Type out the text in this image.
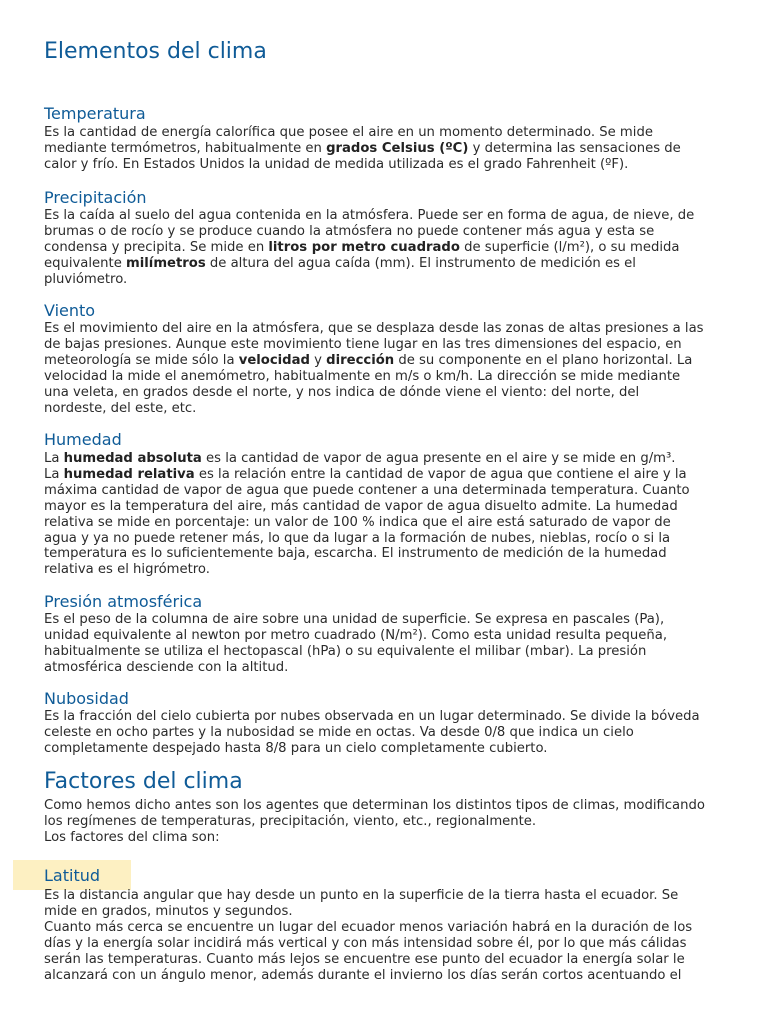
Elementos del clima
Temperatura

Es la cantidad de energía calorífica que posee el aire en un momento determinado. Se mide
mediante termómetros, habitualmente en grados Celsius (ºC) y determina las sensaciones de
calor y frío. En Estados Unidos la unidad de medida utilizada es el grado Fahrenheit (ºF).

Precipitación

Es la caída al suelo del agua contenida en la atmósfera. Puede ser en forma de agua, de nieve, de
brumas o de rocío y se produce cuando la atmósfera no puede contener más agua y esta se
condensa y precipita. Se mide en litros por metro cuadrado de superficie (l/m²), o su medida
equivalente milímetros de altura del agua caída (mm). El instrumento de medición es el
pluviómetro.

Viento

Es el movimiento del aire en la atmósfera, que se desplaza desde las zonas de altas presiones a las
de bajas presiones. Aunque este movimiento tiene lugar en las tres dimensiones del espacio, en
meteorología se mide sólo la velocidad y dirección de su componente en el plano horizontal. La
velocidad la mide el anemómetro, habitualmente en m/s o km/h. La dirección se mide mediante
una veleta, en grados desde el norte, y nos indica de dónde viene el viento: del norte, del
nordeste, del este, etc.

Humedad

La humedad absoluta es la cantidad de vapor de agua presente en el aire y se mide en g/m³.
La humedad relativa es la relación entre la cantidad de vapor de agua que contiene el aire y la
máxima cantidad de vapor de agua que puede contener a una determinada temperatura. Cuanto
mayor es la temperatura del aire, más cantidad de vapor de agua disuelto admite. La humedad
relativa se mide en porcentaje: un valor de 100 % indica que el aire está saturado de vapor de
agua y ya no puede retener más, lo que da lugar a la formación de nubes, nieblas, rocío o si la
temperatura es lo suficientemente baja, escarcha. El instrumento de medición de la humedad
relativa es el higrómetro.

Presión atmosférica

Es el peso de la columna de aire sobre una unidad de superficie. Se expresa en pascales (Pa),
unidad equivalente al newton por metro cuadrado (N/m²). Como esta unidad resulta pequeña,
habitualmente se utiliza el hectopascal (hPa) o su equivalente el milibar (mbar). La presión
atmosférica desciende con la altitud.

Nubosidad

Es la fracción del cielo cubierta por nubes observada en un lugar determinado. Se divide la bóveda
celeste en ocho partes y la nubosidad se mide en octas. Va desde 0/8 que indica un cielo
completamente despejado hasta 8/8 para un cielo completamente cubierto.

Factores del clima

Como hemos dicho antes son los agentes que determinan los distintos tipos de climas, modificando
los regímenes de temperaturas, precipitación, viento, etc., regionalmente.
Los factores del clima son:

Latitud

Es la distancia angular que hay desde un punto en la superficie de la tierra hasta el ecuador. Se
mide en grados, minutos y segundos.
Cuanto más cerca se encuentre un lugar del ecuador menos variación habrá en la duración de los
días y la energía solar incidirá más vertical y con más intensidad sobre él, por lo que más cálidas
serán las temperaturas. Cuanto más lejos se encuentre ese punto del ecuador la energía solar le
alcanzará con un ángulo menor, además durante el invierno los días serán cortos acentuando el
